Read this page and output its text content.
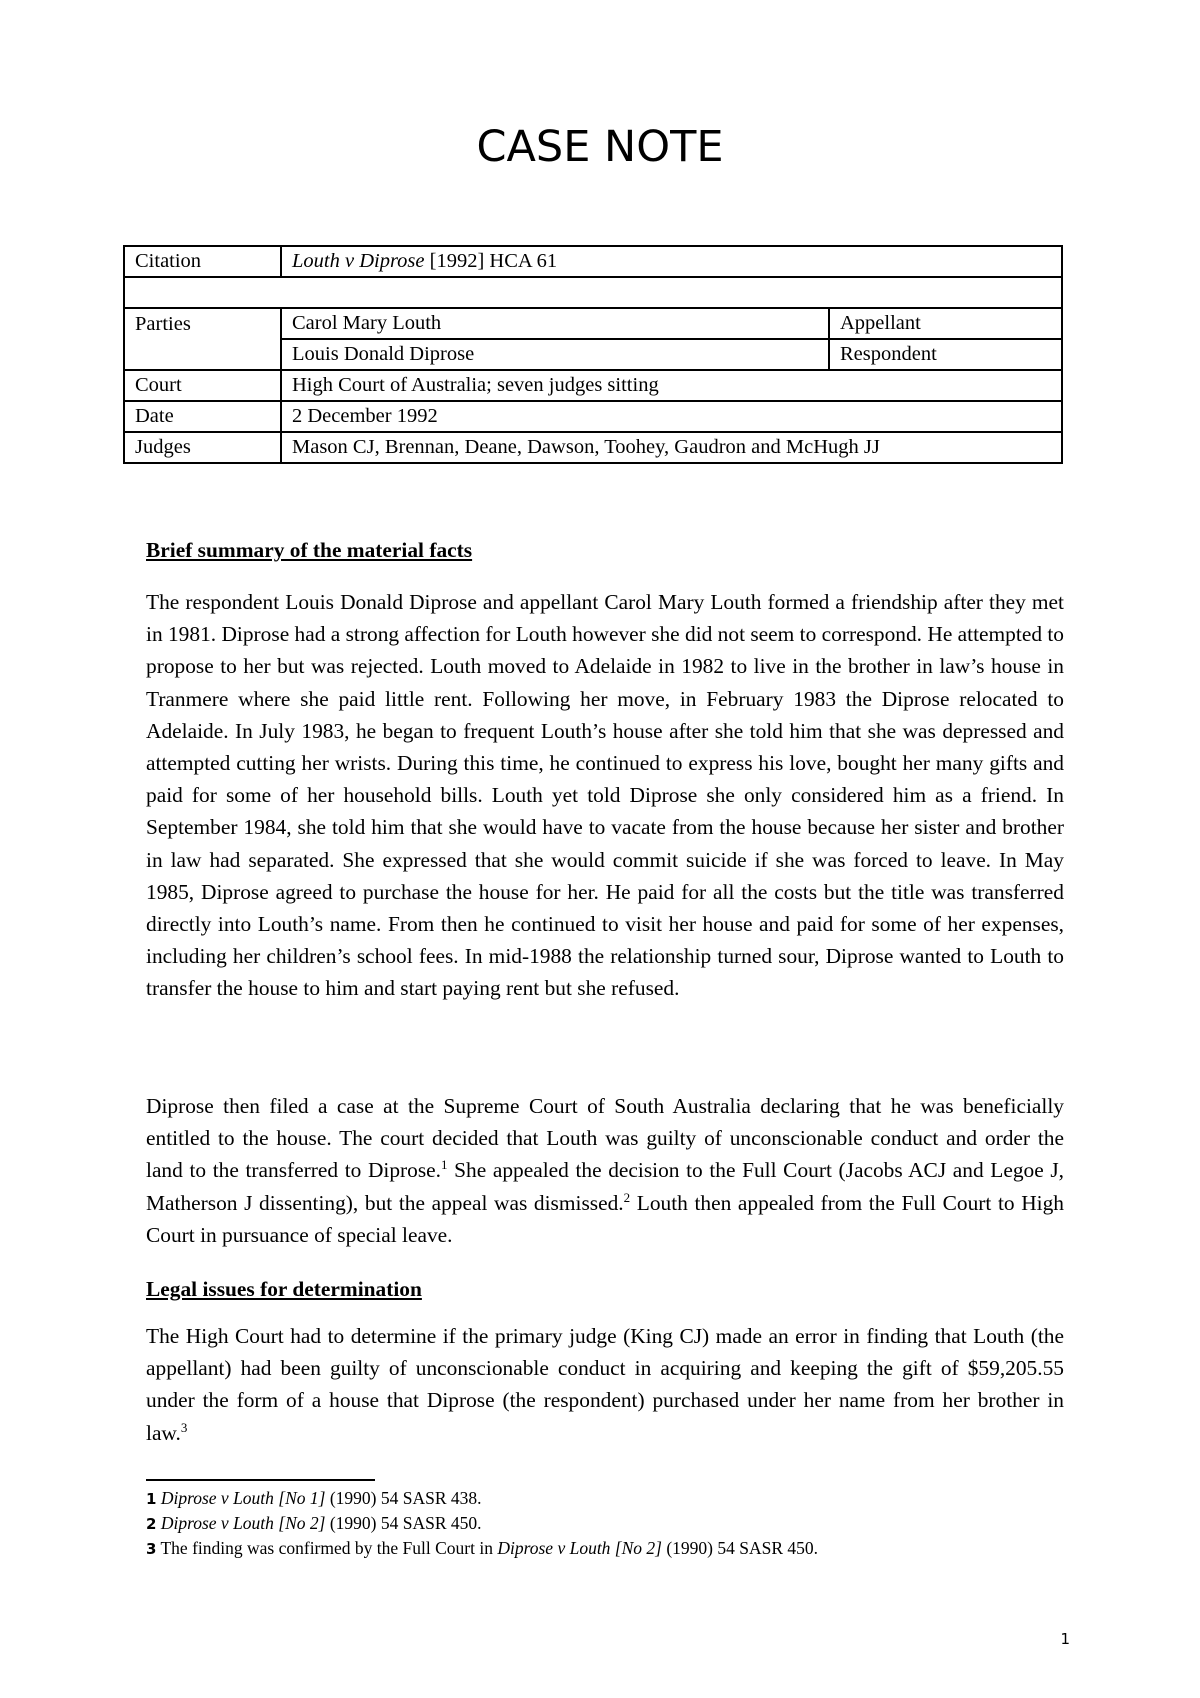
CASE NOTE
Citation	Louth v Diprose [1992] HCA 61	

Parties	Carol Mary Louth	Appellant
	Louis Donald Diprose	Respondent
Court	High Court of Australia; seven judges sitting	
Date	2 December 1992	
Judges	Mason CJ, Brennan, Deane, Dawson, Toohey, Gaudron and McHugh JJ	
Brief summary of the material facts

The respondent Louis Donald Diprose and appellant Carol Mary Louth formed a friendship after they met in 1981. Diprose had a strong affection for Louth however she did not seem to correspond. He attempted to propose to her but was rejected. Louth moved to Adelaide in 1982 to live in the brother in law’s house in Tranmere where she paid little rent. Following her move, in February 1983 the Diprose relocated to Adelaide. In July 1983, he began to frequent Louth’s house after she told him that she was depressed and attempted cutting her wrists. During this time, he continued to express his love, bought her many gifts and paid for some of her household bills. Louth yet told Diprose she only considered him as a friend. In September 1984, she told him that she would have to vacate from the house because her sister and brother in law had separated. She expressed that she would commit suicide if she was forced to leave. In May 1985, Diprose agreed to purchase the house for her. He paid for all the costs but the title was transferred directly into Louth’s name. From then he continued to visit her house and paid for some of her expenses, including her children’s school fees. In mid-1988 the relationship turned sour, Diprose wanted to Louth to transfer the house to him and start paying rent but she refused.

Diprose then filed a case at the Supreme Court of South Australia declaring that he was beneficially entitled to the house. The court decided that Louth was guilty of unconscionable conduct and order the land to the transferred to Diprose.$^1$ She appealed the decision to the Full Court (Jacobs ACJ and Legoe J, Matherson J dissenting), but the appeal was dismissed.$^2$ Louth then appealed from the Full Court to High Court in pursuance of special leave.

Legal issues for determination

The High Court had to determine if the primary judge (King CJ) made an error in finding that Louth (the appellant) had been guilty of unconscionable conduct in acquiring and keeping the gift of $59,205.55 under the form of a house that Diprose (the respondent) purchased under her name from her brother in law.$^3$

1 Diprose v Louth [No 1] (1990) 54 SASR 438.
2 Diprose v Louth [No 2] (1990) 54 SASR 450.
3 The finding was confirmed by the Full Court in Diprose v Louth [No 2] (1990) 54 SASR 450.
1
